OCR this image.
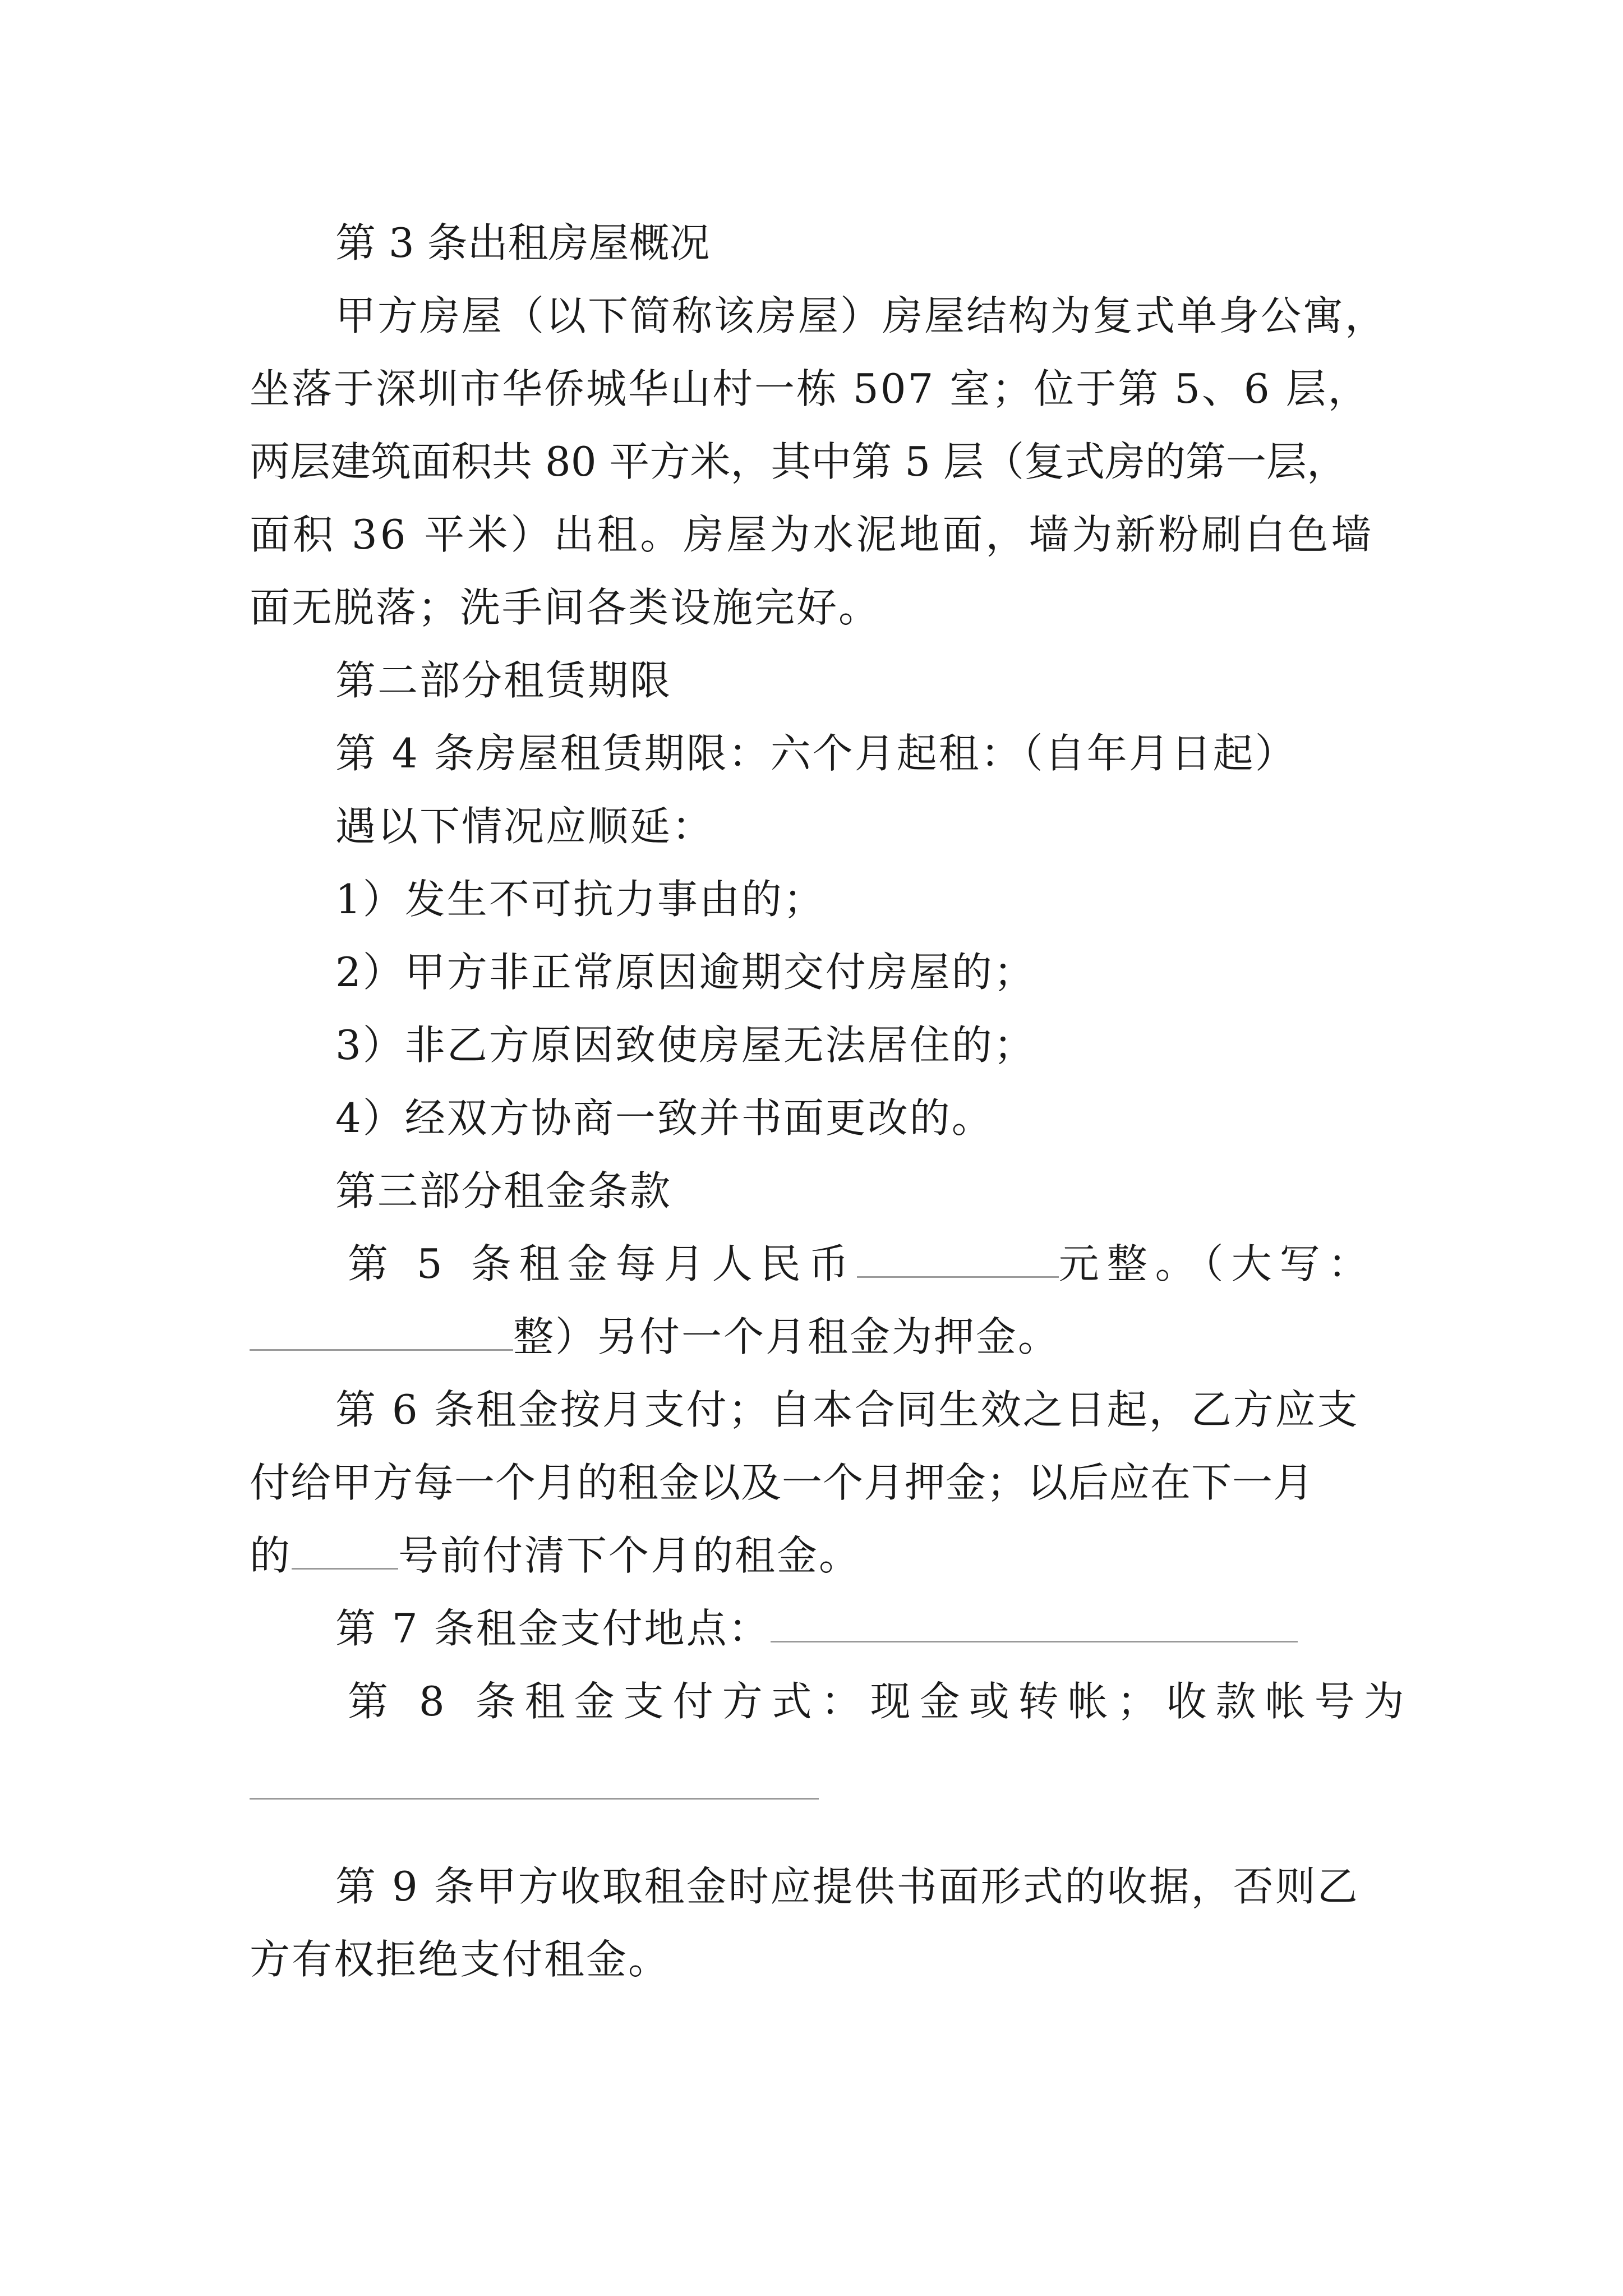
第 3 条出租房屋概况
甲方房屋（以下简称该房屋）房屋结构为复式单身公寓，
坐落于深圳市华侨城华山村一栋 507 室；位于第 5、6 层，
两层建筑面积共 80 平方米，其中第 5 层（复式房的第一层，
面积 36 平米）出租。房屋为水泥地面，墙为新粉刷白色墙
面无脱落；洗手间各类设施完好。
第二部分租赁期限
第 4 条房屋租赁期限：六个月起租：（自年月日起）
遇以下情况应顺延：
1）发生不可抗力事由的；
2）甲方非正常原因逾期交付房屋的；
3）非乙方原因致使房屋无法居住的；
4）经双方协商一致并书面更改的。
第三部分租金条款
第 5 条租金每月人民币	元整。（大写：
整）另付一个月租金为押金。
第 6 条租金按月支付；自本合同生效之日起，乙方应支
付给甲方每一个月的租金以及一个月押金；以后应在下一月
的	号前付清下个月的租金。
第 7 条租金支付地点：
第 8 条租金支付方式：现金或转帐；收款帐号为
第 9 条甲方收取租金时应提供书面形式的收据，否则乙
方有权拒绝支付租金。
